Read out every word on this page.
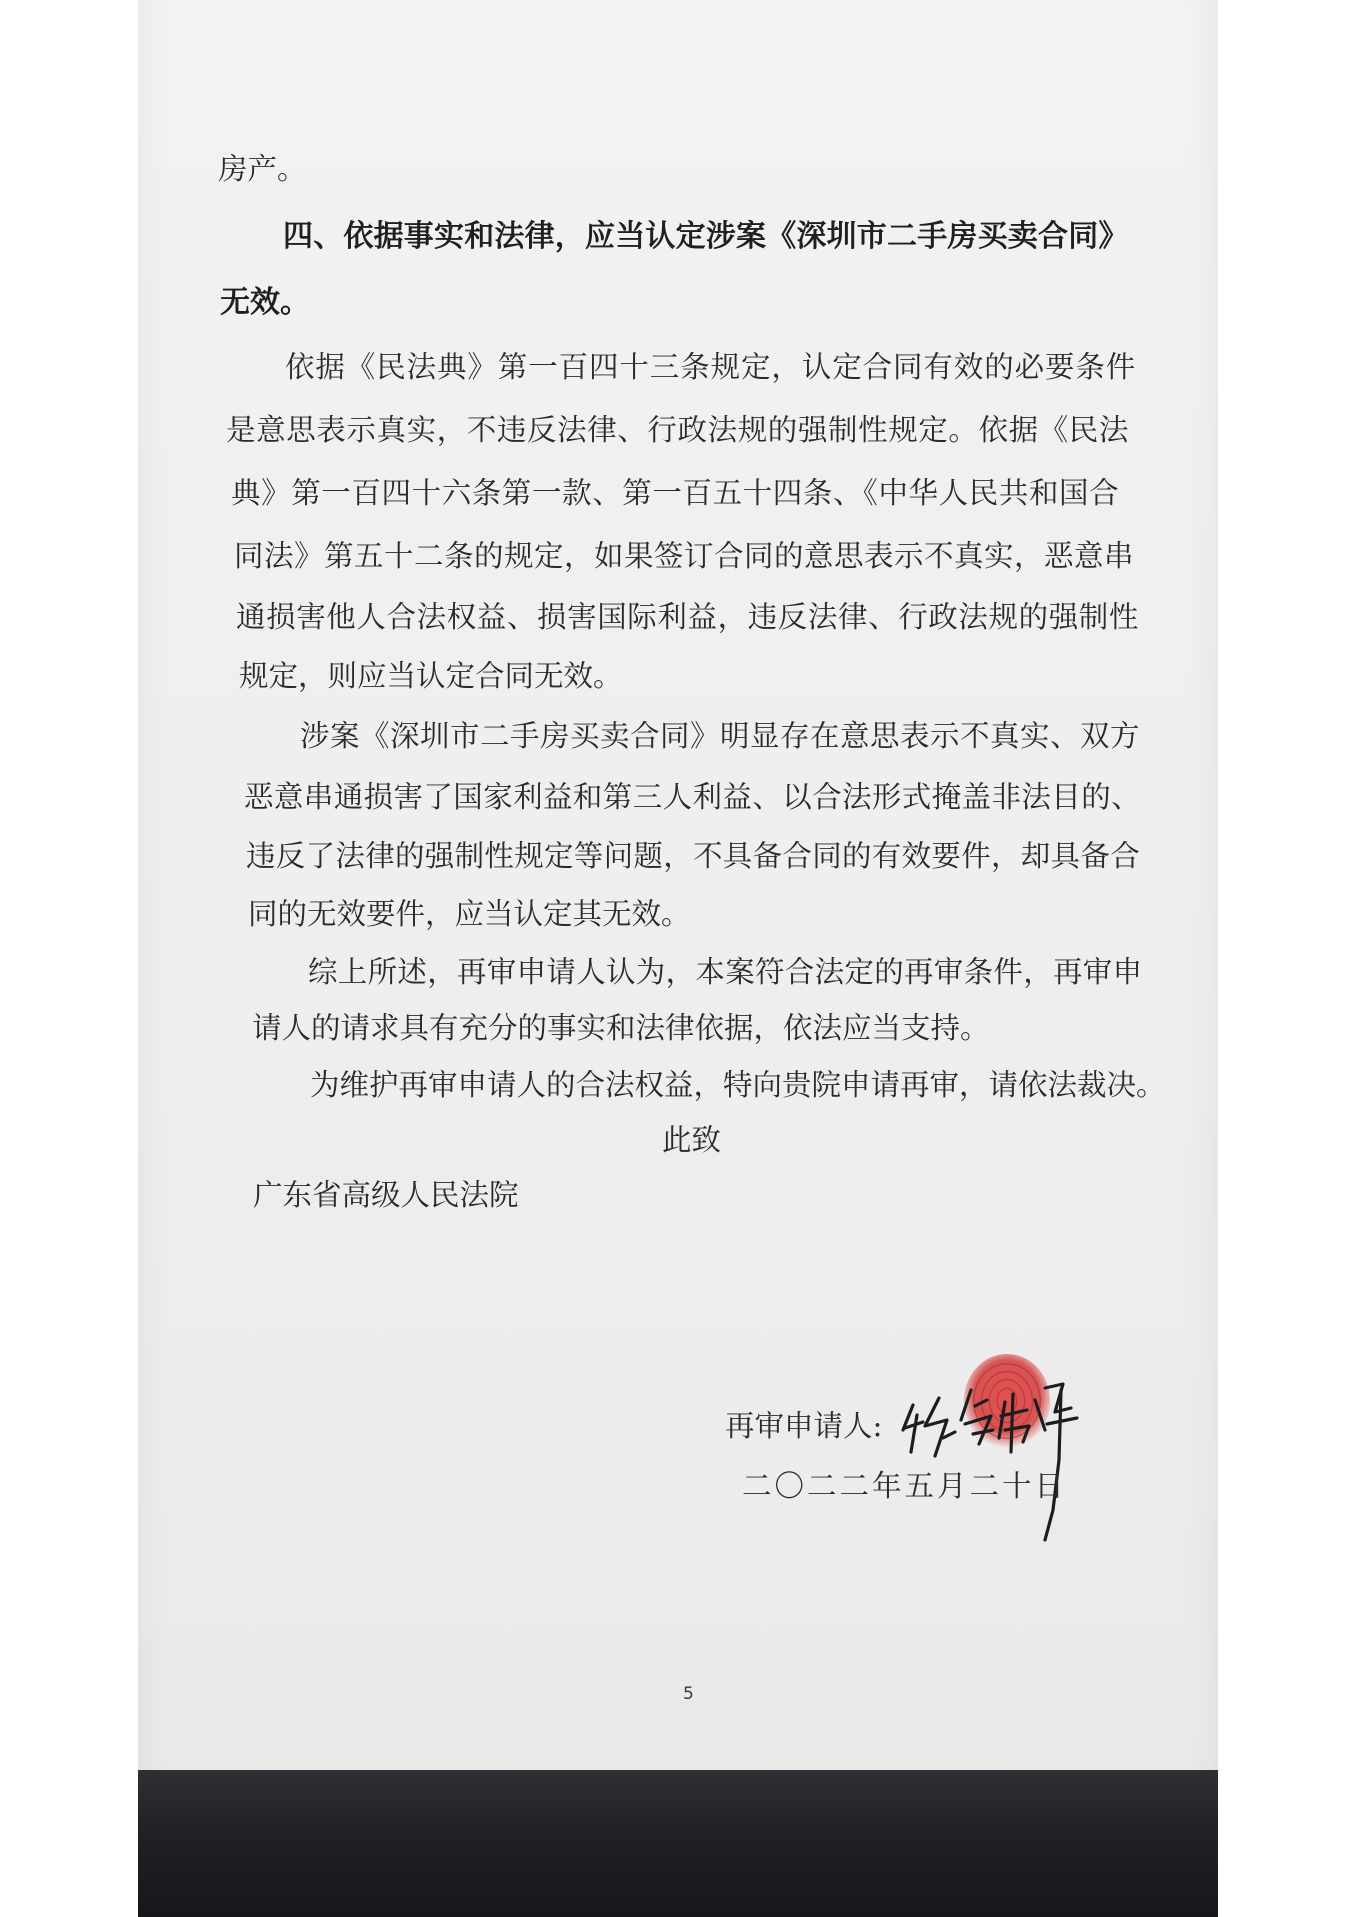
房产。
四、依据事实和法律，应当认定涉案《深圳市二手房买卖合同》
无效。
依据《民法典》第一百四十三条规定，认定合同有效的必要条件
是意思表示真实，不违反法律、行政法规的强制性规定。依据《民法
典》第一百四十六条第一款、第一百五十四条、《中华人民共和国合
同法》第五十二条的规定，如果签订合同的意思表示不真实，恶意串
通损害他人合法权益、损害国际利益，违反法律、行政法规的强制性
规定，则应当认定合同无效。
涉案《深圳市二手房买卖合同》明显存在意思表示不真实、双方
恶意串通损害了国家利益和第三人利益、以合法形式掩盖非法目的、
违反了法律的强制性规定等问题，不具备合同的有效要件，却具备合
同的无效要件，应当认定其无效。
综上所述，再审申请人认为，本案符合法定的再审条件，再审申
请人的请求具有充分的事实和法律依据，依法应当支持。
为维护再审申请人的合法权益，特向贵院申请再审，请依法裁决。
此致
广东省高级人民法院
再审申请人:
二〇二二年五月二十日
5
